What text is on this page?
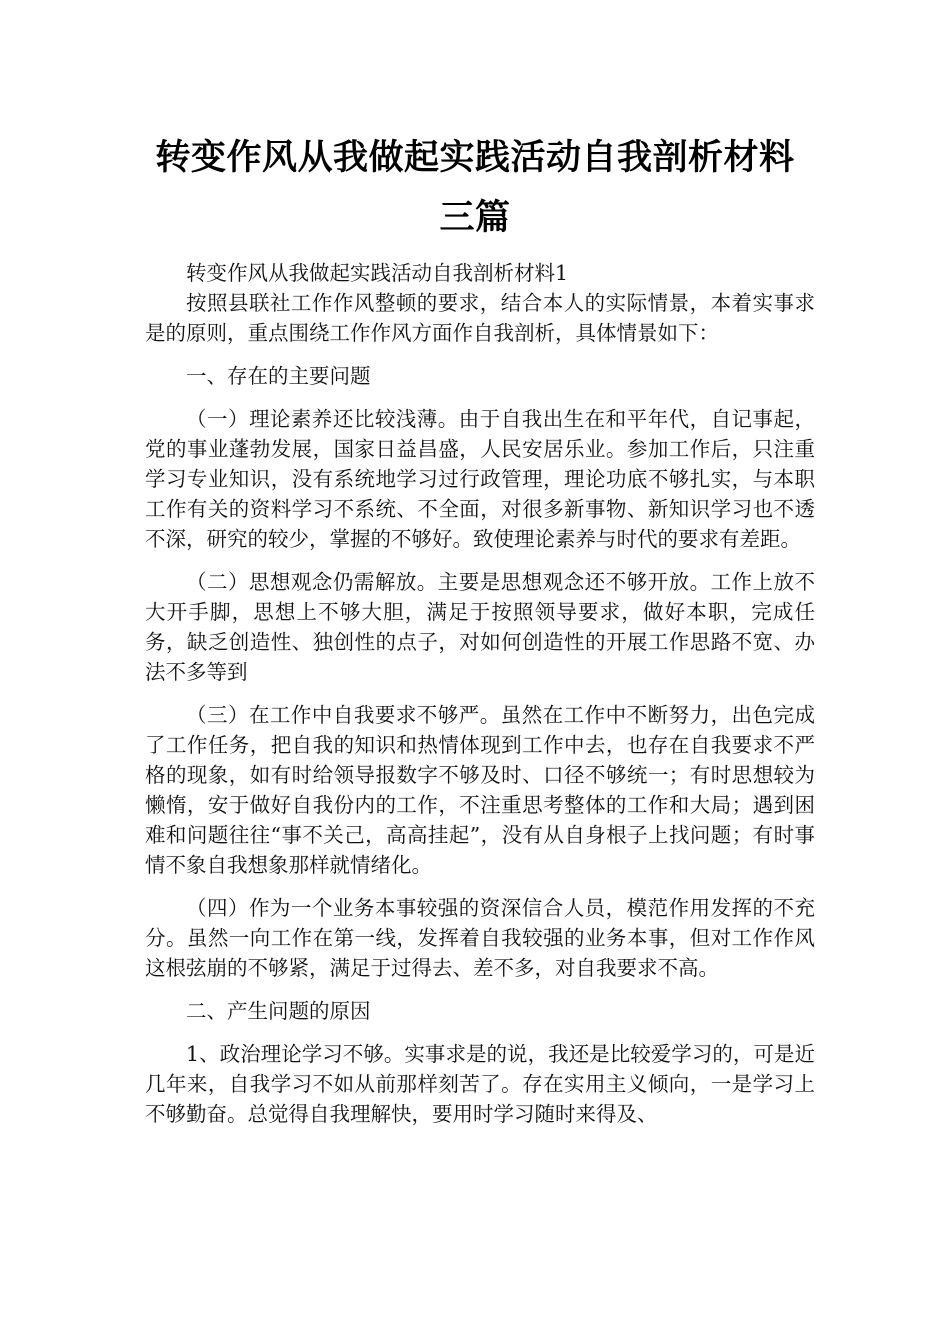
转变作风从我做起实践活动自我剖析材料
三篇

转变作风从我做起实践活动自我剖析材料1

按照县联社工作作风整顿的要求，结合本人的实际情景，本着实事求是的原则，重点围绕工作作风方面作自我剖析，具体情景如下：

一、存在的主要问题

（一）理论素养还比较浅薄。由于自我出生在和平年代，自记事起，党的事业蓬勃发展，国家日益昌盛，人民安居乐业。参加工作后，只注重学习专业知识，没有系统地学习过行政管理，理论功底不够扎实，与本职工作有关的资料学习不系统、不全面，对很多新事物、新知识学习也不透不深，研究的较少，掌握的不够好。致使理论素养与时代的要求有差距。

（二）思想观念仍需解放。主要是思想观念还不够开放。工作上放不大开手脚，思想上不够大胆，满足于按照领导要求，做好本职，完成任务，缺乏创造性、独创性的点子，对如何创造性的开展工作思路不宽、办法不多等到

（三）在工作中自我要求不够严。虽然在工作中不断努力，出色完成了工作任务，把自我的知识和热情体现到工作中去，也存在自我要求不严格的现象，如有时给领导报数字不够及时、口径不够统一；有时思想较为懒惰，安于做好自我份内的工作，不注重思考整体的工作和大局；遇到困难和问题往往“事不关己，高高挂起”，没有从自身根子上找问题；有时事情不象自我想象那样就情绪化。

（四）作为一个业务本事较强的资深信合人员，模范作用发挥的不充分。虽然一向工作在第一线，发挥着自我较强的业务本事，但对工作作风这根弦崩的不够紧，满足于过得去、差不多，对自我要求不高。

二、产生问题的原因

1、政治理论学习不够。实事求是的说，我还是比较爱学习的，可是近几年来，自我学习不如从前那样刻苦了。存在实用主义倾向，一是学习上不够勤奋。总觉得自我理解快，要用时学习随时来得及、
